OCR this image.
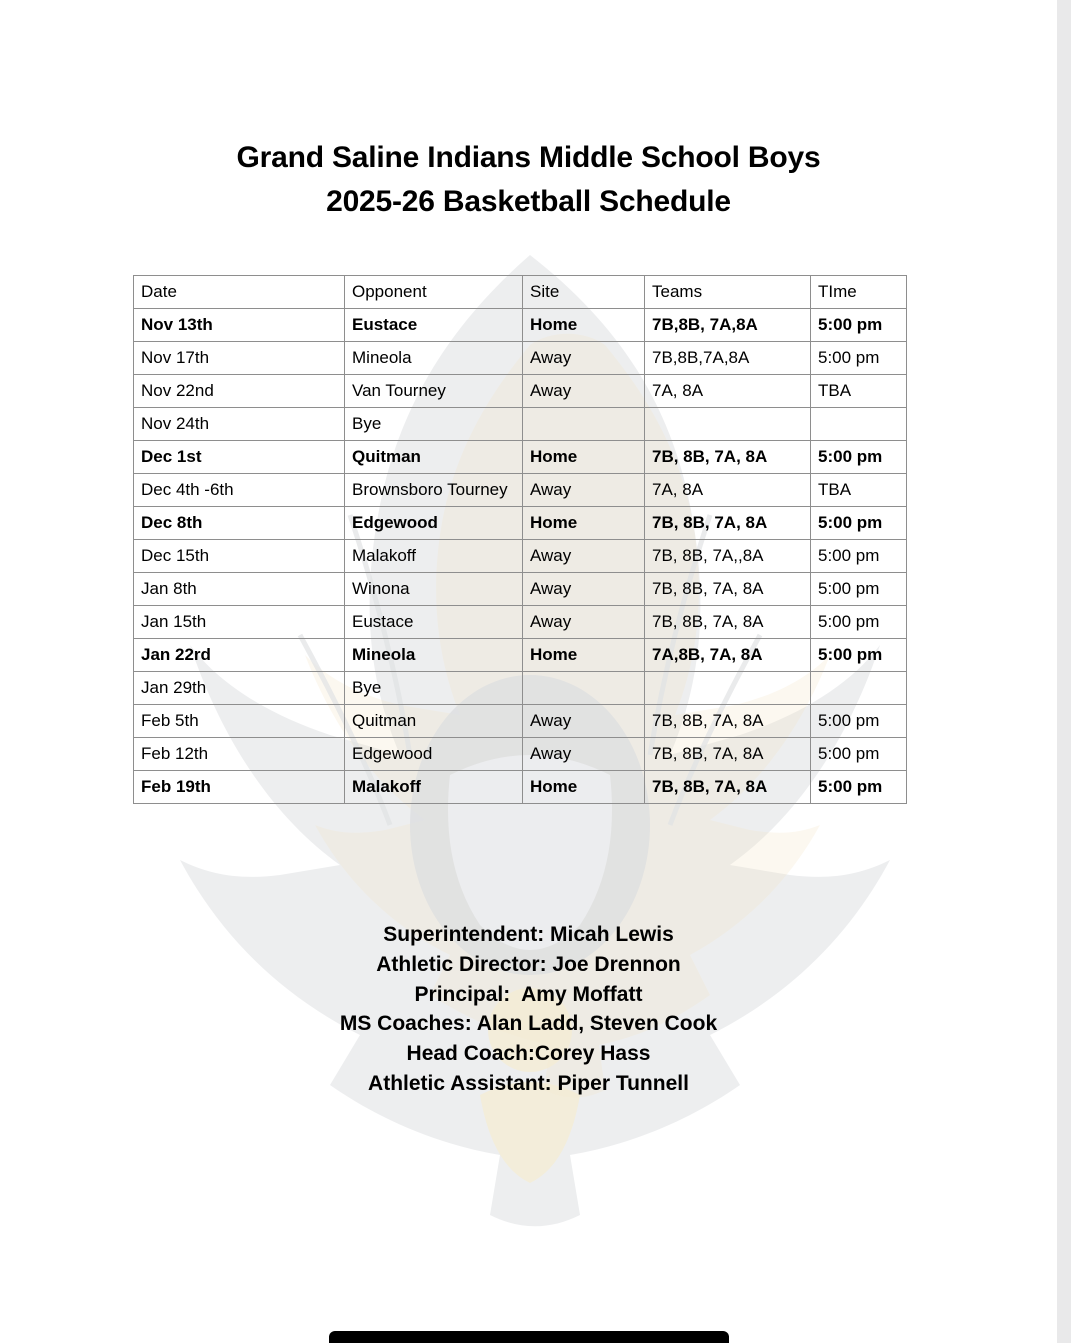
Grand Saline Indians Middle School Boys
2025-26 Basketball Schedule
Date	Opponent	Site	Teams	TIme
Nov 13th	Eustace	Home	7B,8B, 7A,8A	5:00 pm
Nov 17th	Mineola	Away	7B,8B,7A,8A	5:00 pm
Nov 22nd	Van Tourney	Away	7A, 8A	TBA
Nov 24th	Bye			
Dec 1st	Quitman	Home	7B, 8B, 7A, 8A	5:00 pm
Dec 4th -6th	Brownsboro Tourney	Away	7A, 8A	TBA
Dec 8th	Edgewood	Home	7B, 8B, 7A, 8A	5:00 pm
Dec 15th	Malakoff	Away	7B, 8B, 7A,,8A	5:00 pm
Jan 8th	Winona	Away	7B, 8B, 7A, 8A	5:00 pm
Jan 15th	Eustace	Away	7B, 8B, 7A, 8A	5:00 pm
Jan 22rd	Mineola	Home	7A,8B, 7A, 8A	5:00 pm
Jan 29th	Bye			
Feb 5th	Quitman	Away	7B, 8B, 7A, 8A	5:00 pm
Feb 12th	Edgewood	Away	7B, 8B, 7A, 8A	5:00 pm
Feb 19th	Malakoff	Home	7B, 8B, 7A, 8A	5:00 pm
Superintendent: Micah Lewis
Athletic Director: Joe Drennon
Principal:  Amy Moffatt
MS Coaches: Alan Ladd, Steven Cook
Head Coach:Corey Hass
Athletic Assistant: Piper Tunnell
